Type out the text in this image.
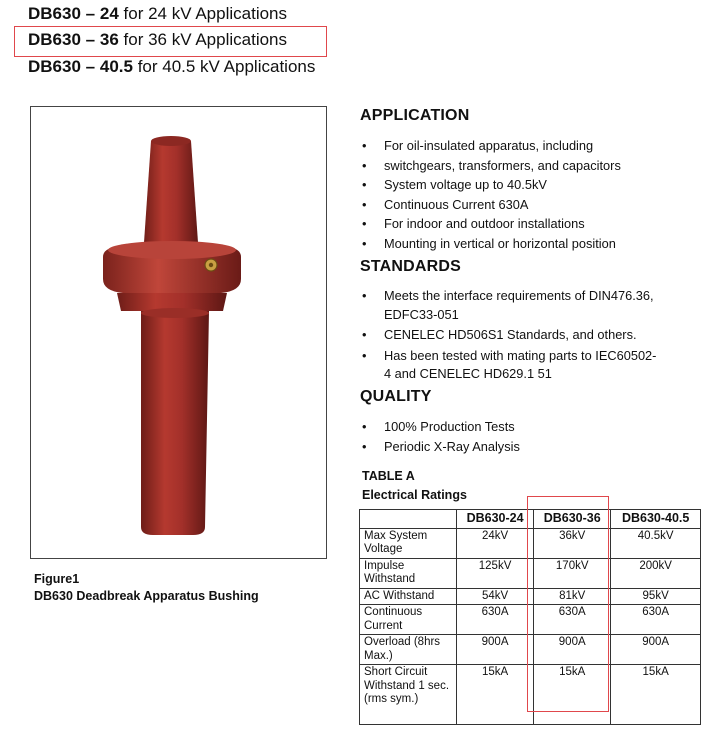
DB630 – 24 for 24 kV Applications
DB630 – 36 for 36 kV Applications
DB630 – 40.5 for 40.5 kV Applications
Figure1
DB630 Deadbreak Apparatus Bushing
APPLICATION
• For oil-insulated apparatus, including
• switchgears, transformers, and capacitors
• System voltage up to 40.5kV
• Continuous Current 630A
• For indoor and outdoor installations
• Mounting in vertical or horizontal position
STANDARDS
• Meets the interface requirements of DIN476.36, EDFC33-051
• CENELEC HD506S1 Standards, and others.
• Has been tested with mating parts to IEC60502-4 and CENELEC HD629.1 51
QUALITY
• 100% Production Tests
• Periodic X-Ray Analysis
TABLE A
Electrical Ratings
	DB630-24	DB630-36	DB630-40.5
Max System Voltage	24kV	36kV	40.5kV
Impulse Withstand	125kV	170kV	200kV
AC Withstand	54kV	81kV	95kV
Continuous Current	630A	630A	630A
Overload (8hrs Max.)	900A	900A	900A
Short Circuit Withstand 1 sec. (rms sym.)	15kA	15kA	15kA
